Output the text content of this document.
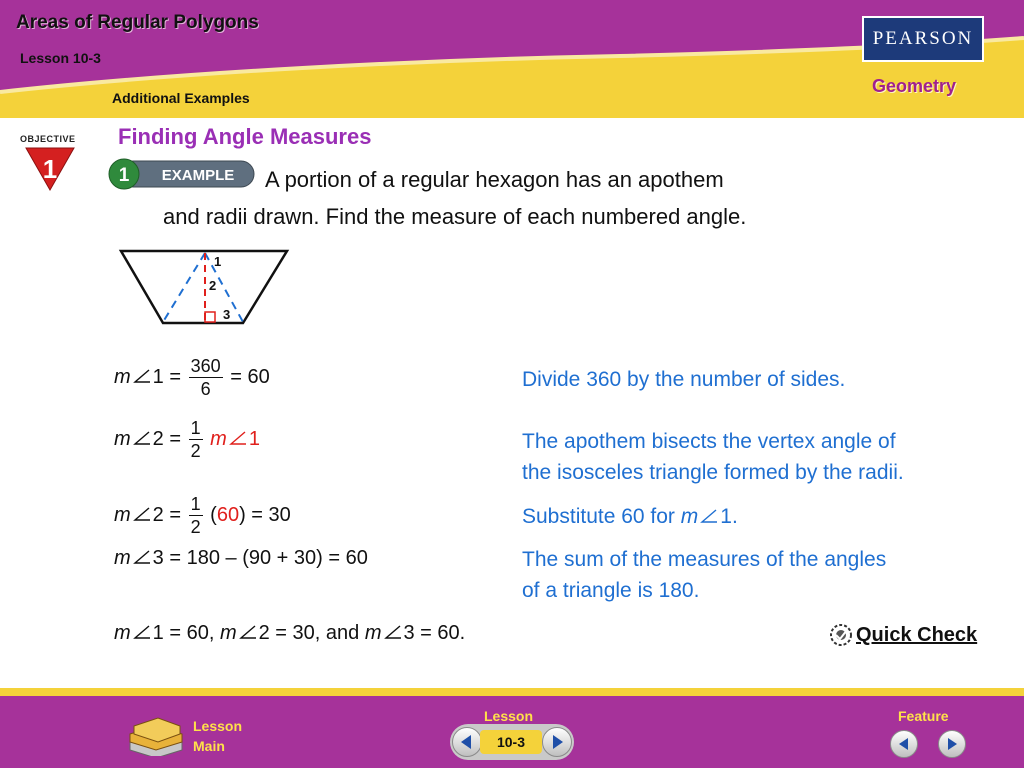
Areas of Regular Polygons
Lesson 10-3
Additional Examples
PEARSON
Geometry
OBJECTIVE
1
Finding Angle Measures
1 EXAMPLE A portion of a regular hexagon has an apothem
and radii drawn. Find the measure of each numbered angle.
1
2
3
m $1 = \frac{360}{6} = 60$	Divide 360 by the number of sides.
m $2 = \frac{1}{2}$ m 1	The apothem bisects the vertex angle of
the isosceles triangle formed by the radii.
m $2 = \frac{1}{2} (60) = 30$	Substitute 60 for m 1.
m 3 = 180 – (90 + 30) = 60	The sum of the measures of the angles
of a triangle is 180.
m 1 = 60, m 2 = 30, and m 3 = 60.	Quick Check
Lesson
Main
Lesson
10-3
Feature
